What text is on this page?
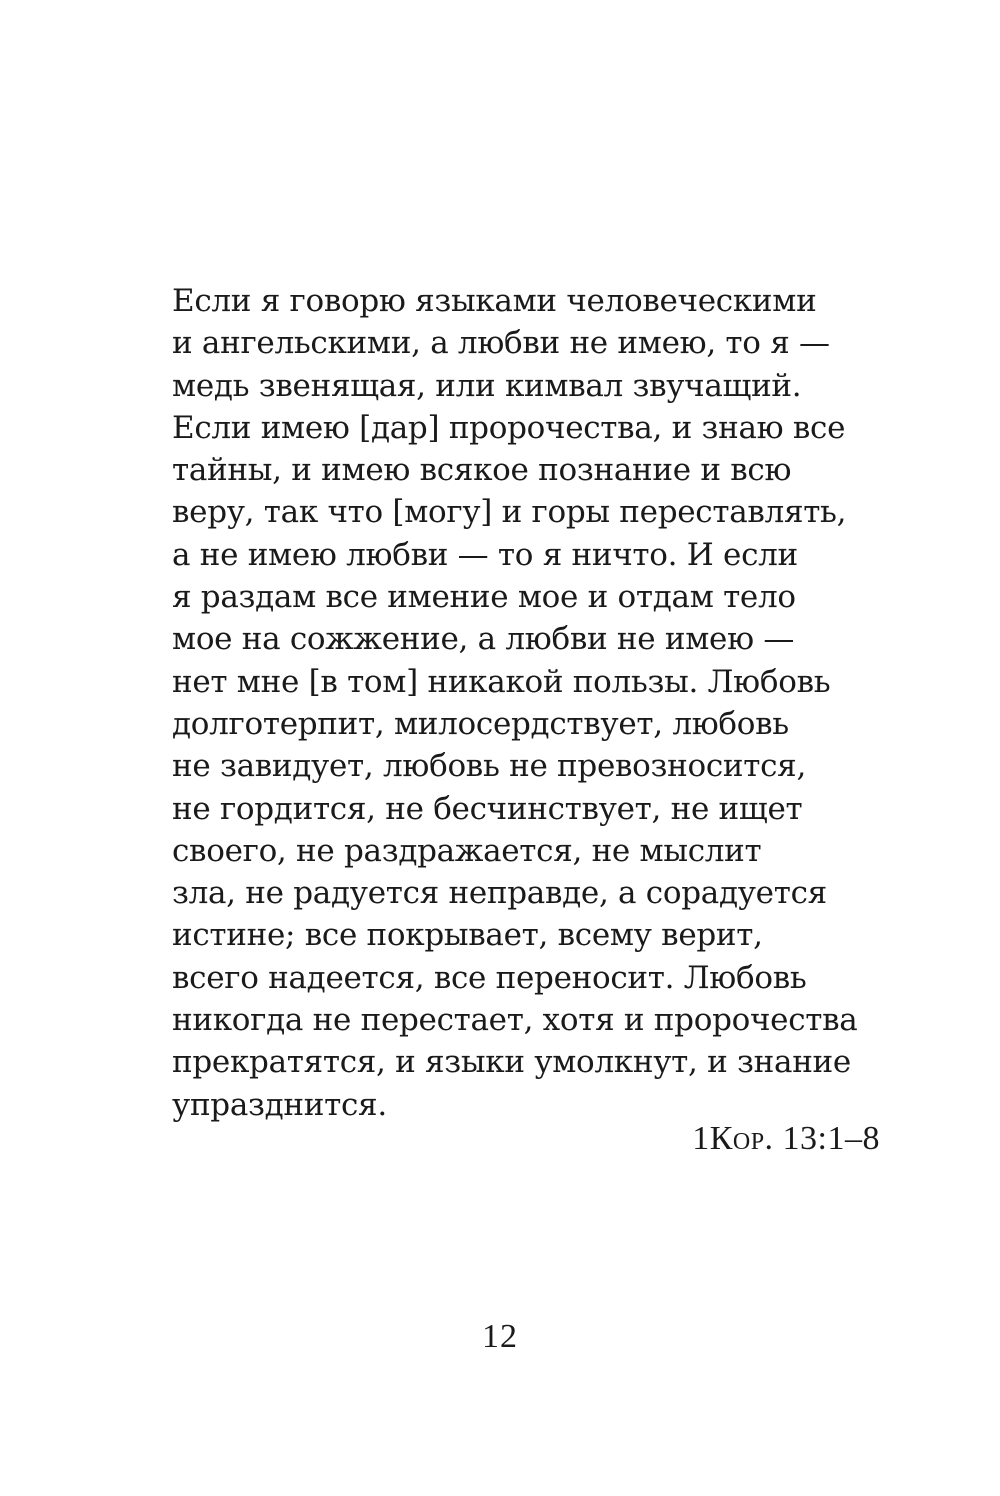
Если я говорю языками человеческими
и ангельскими, а любви не имею, то я —
медь звенящая, или кимвал звучащий.
Если имею [дар] пророчества, и знаю все
тайны, и имею всякое познание и всю
веру, так что [могу] и горы переставлять,
а не имею любви — то я ничто. И если
я раздам все имение мое и отдам тело
мое на сожжение, а любви не имею —
нет мне [в том] никакой пользы. Любовь
долготерпит, милосердствует, любовь
не завидует, любовь не превозносится,
не гордится, не бесчинствует, не ищет
своего, не раздражается, не мыслит
зла, не радуется неправде, а сорадуется
истине; все покрывает, всему верит,
всего надеется, все переносит. Любовь
никогда не перестает, хотя и пророчества
прекратятся, и языки умолкнут, и знание
упразднится.

1Кор. 13:1–8
12
